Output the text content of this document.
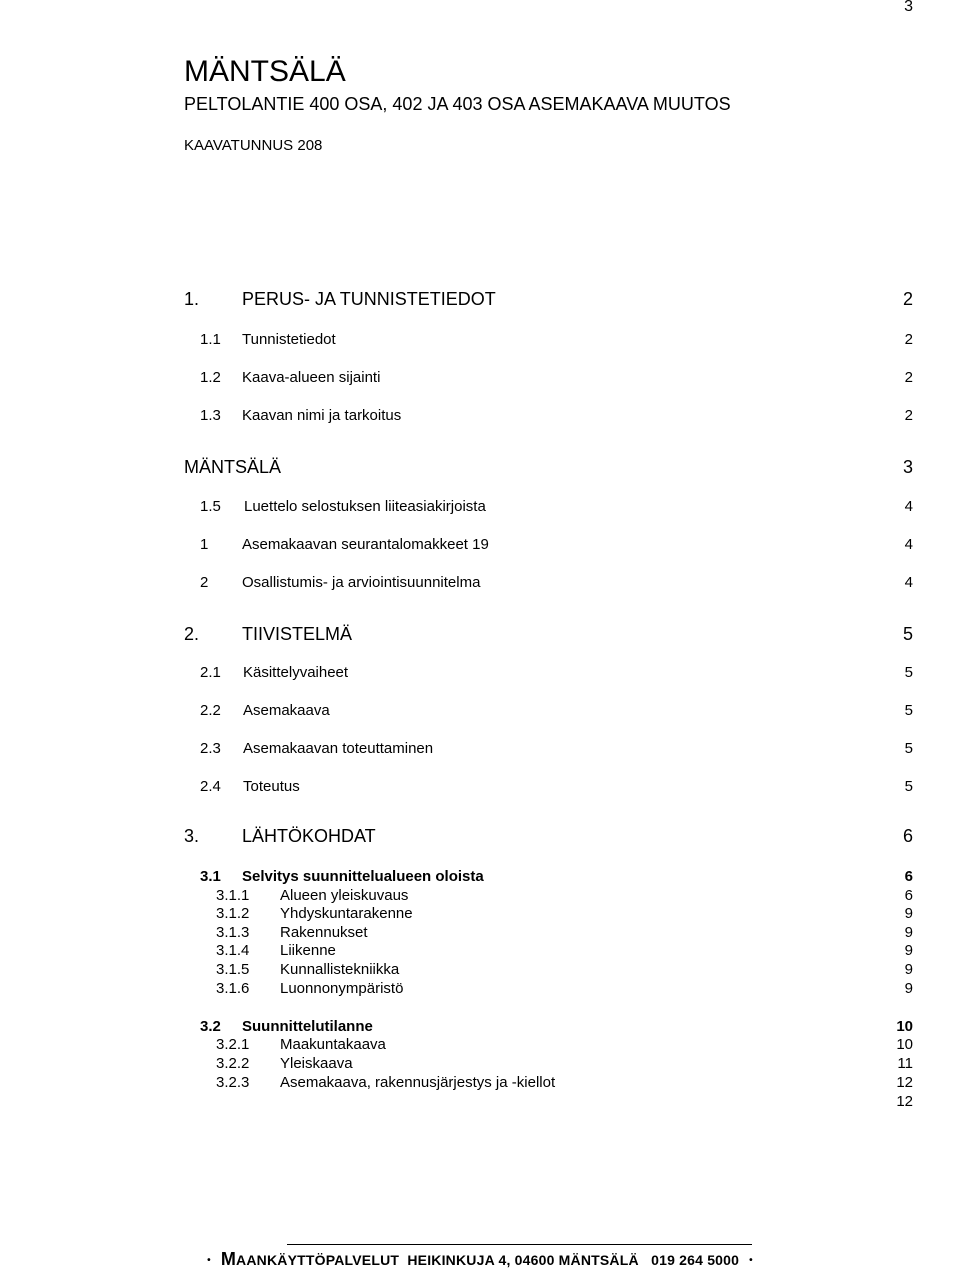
3
MÄNTSÄLÄ
PELTOLANTIE 400 OSA, 402 JA 403 OSA ASEMAKAAVA MUUTOS
KAAVATUNNUS 208
1. PERUS- JA TUNNISTETIEDOT	2
1.1 Tunnistetiedot	2
1.2 Kaava-alueen sijainti	2
1.3 Kaavan nimi ja tarkoitus	2
MÄNTSÄLÄ	3
1.5 Luettelo selostuksen liiteasiakirjoista	4
1 Asemakaavan seurantalomakkeet 19	4
2 Osallistumis- ja arviointisuunnitelma	4
2. TIIVISTELMÄ	5
2.1 Käsittelyvaiheet	5
2.2 Asemakaava	5
2.3 Asemakaavan toteuttaminen	5
2.4 Toteutus	5
3. LÄHTÖKOHDAT	6
3.1 Selvitys suunnittelualueen oloista	6
3.1.1 Alueen yleiskuvaus	6
3.1.2 Yhdyskuntarakenne	9
3.1.3 Rakennukset	9
3.1.4 Liikenne	9
3.1.5 Kunnallistekniikka	9
3.1.6 Luonnonympäristö	9
3.2 Suunnittelutilanne	10
3.2.1 Maakuntakaava	10
3.2.2 Yleiskaava	11
3.2.3 Asemakaava, rakennusjärjestys ja -kiellot	12
12
• MAANKÄYTTÖPALVELUT HEIKINKUJA 4, 04600 MÄNTSÄLÄ 019 264 5000 •
